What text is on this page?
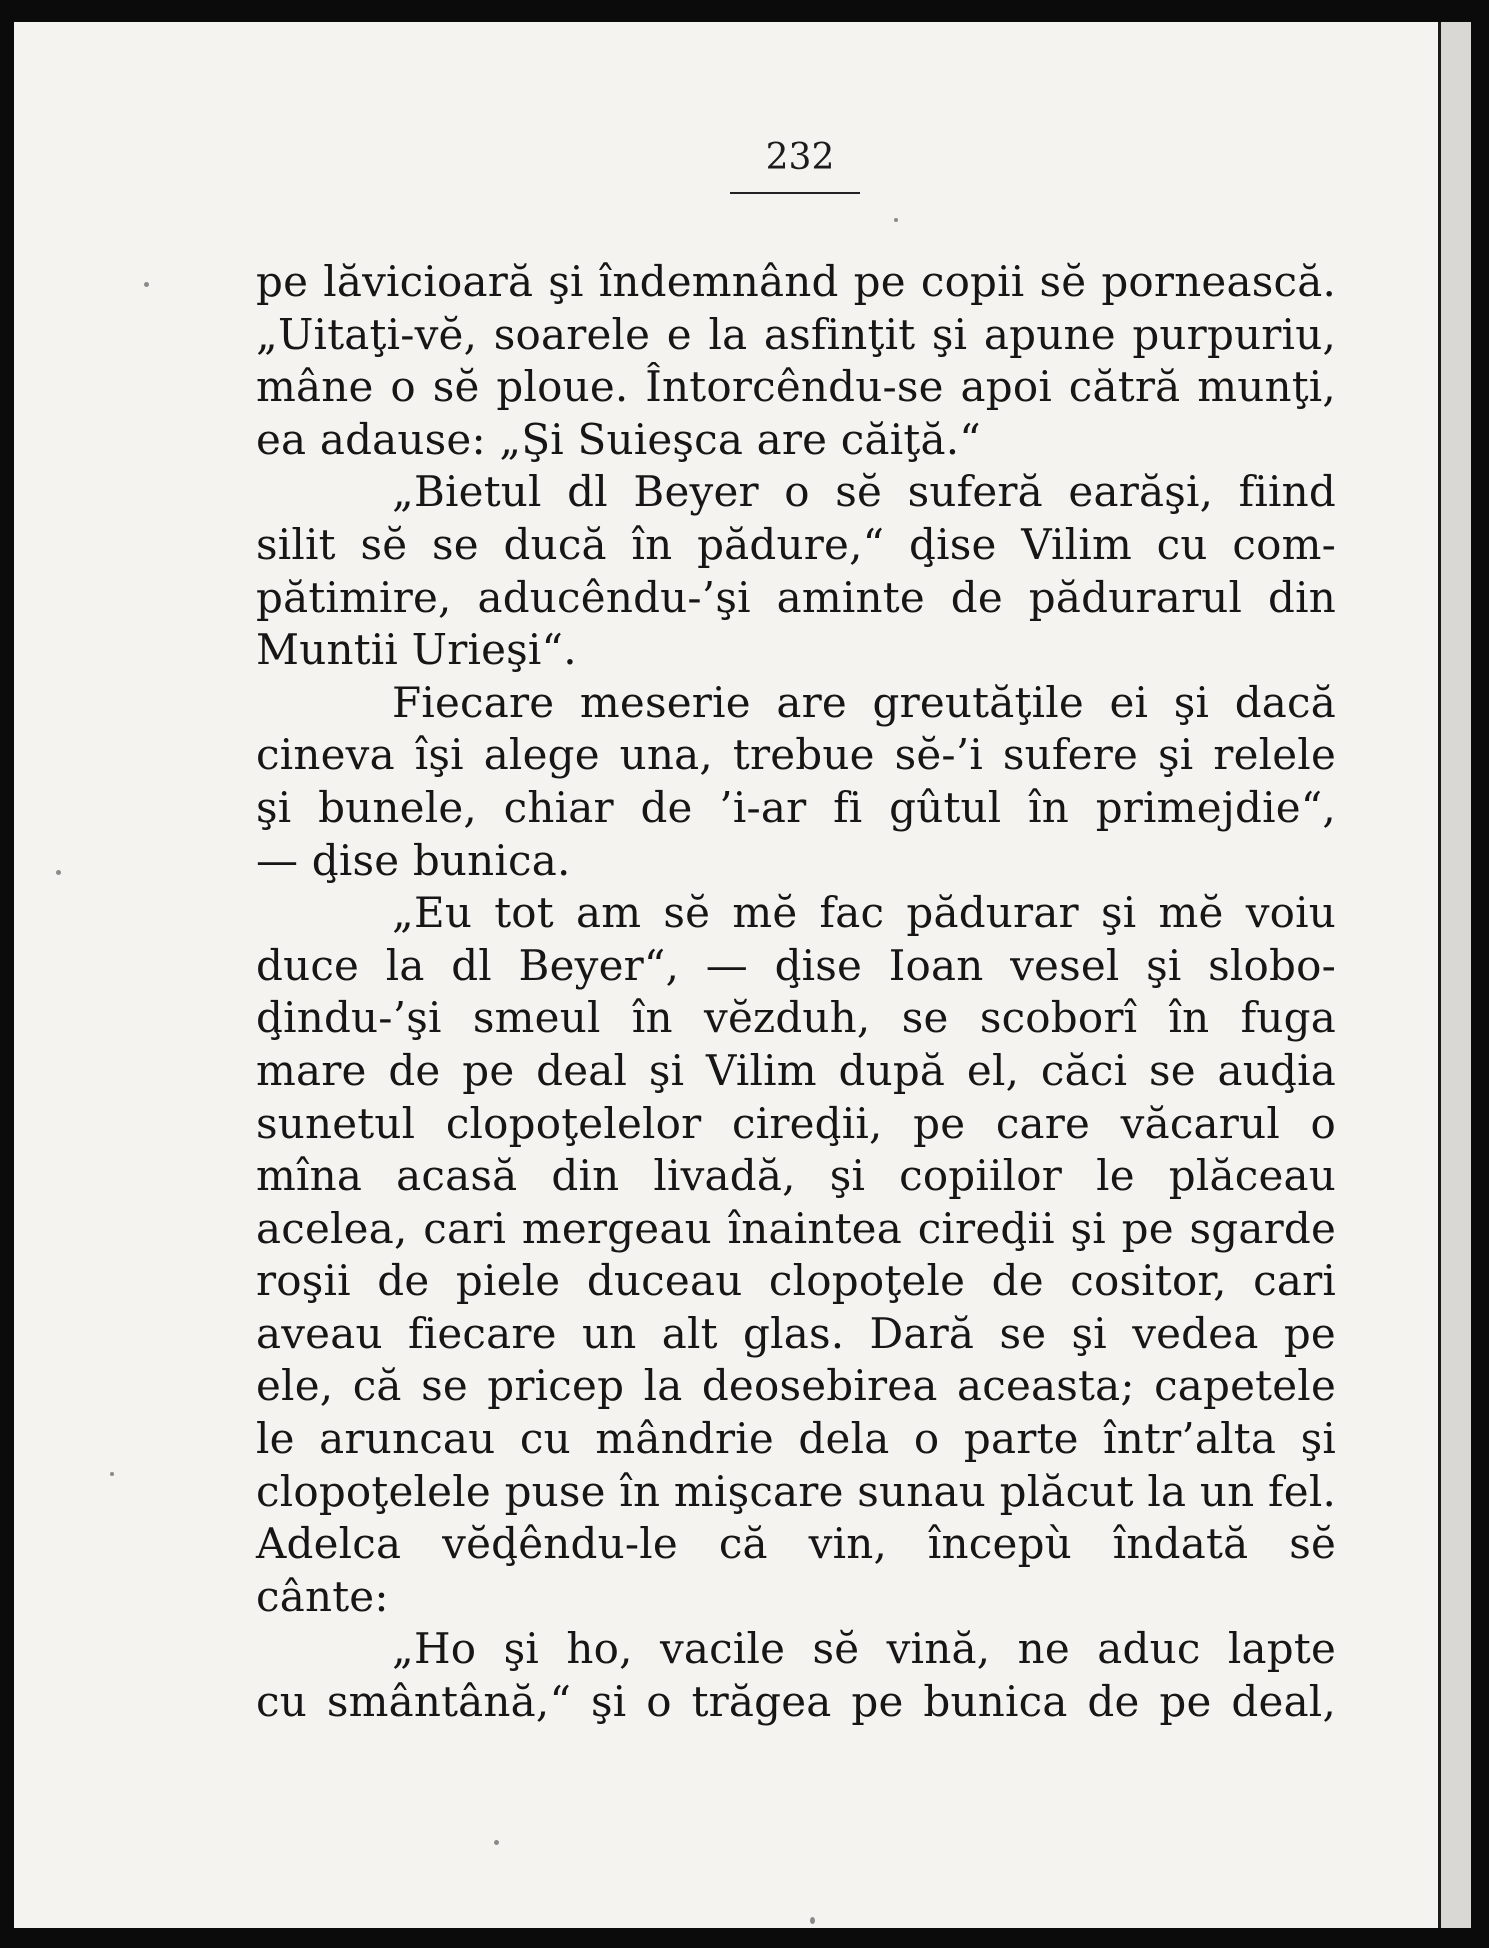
232
pe lăvicioară şi îndemnând pe copii sĕ pornească.
„Uitaţi-vĕ, soarele e la asfinţit şi apune purpuriu,
mâne o sĕ ploue. Întorcêndu-se apoi cătră munţi,
ea adause: „Şi Suieşca are căiţă.“
„Bietul dl Beyer o sĕ suferă earăşi, fiind
silit sĕ se ducă în pădure,“ ḑise Vilim cu com-
pătimire, aducêndu-’şi aminte de pădurarul din
Muntii Urieşi“.
Fiecare meserie are greutăţile ei şi dacă
cineva îşi alege una, trebue sĕ-’i sufere şi relele
şi bunele, chiar de ’i-ar fi gûtul în primejdie“,
— ḑise bunica.
„Eu tot am sĕ mĕ fac pădurar şi mĕ voiu
duce la dl Beyer“, — ḑise Ioan vesel şi slobo-
ḑindu-’şi smeul în vĕzduh, se scoborî în fuga
mare de pe deal şi Vilim după el, căci se auḑia
sunetul clopoţelelor cireḑii, pe care văcarul o
mîna acasă din livadă, şi copiilor le plăceau
acelea, cari mergeau înaintea cireḑii şi pe sgarde
roşii de piele duceau clopoţele de cositor, cari
aveau fiecare un alt glas. Dară se şi vedea pe
ele, că se pricep la deosebirea aceasta; capetele
le aruncau cu mândrie dela o parte într’alta şi
clopoţelele puse în mişcare sunau plăcut la un fel.
Adelca vĕḑêndu-le că vin, începù îndată sĕ
cânte:
„Ho şi ho, vacile sĕ vină, ne aduc lapte
cu smântână,“ şi o trăgea pe bunica de pe deal,
